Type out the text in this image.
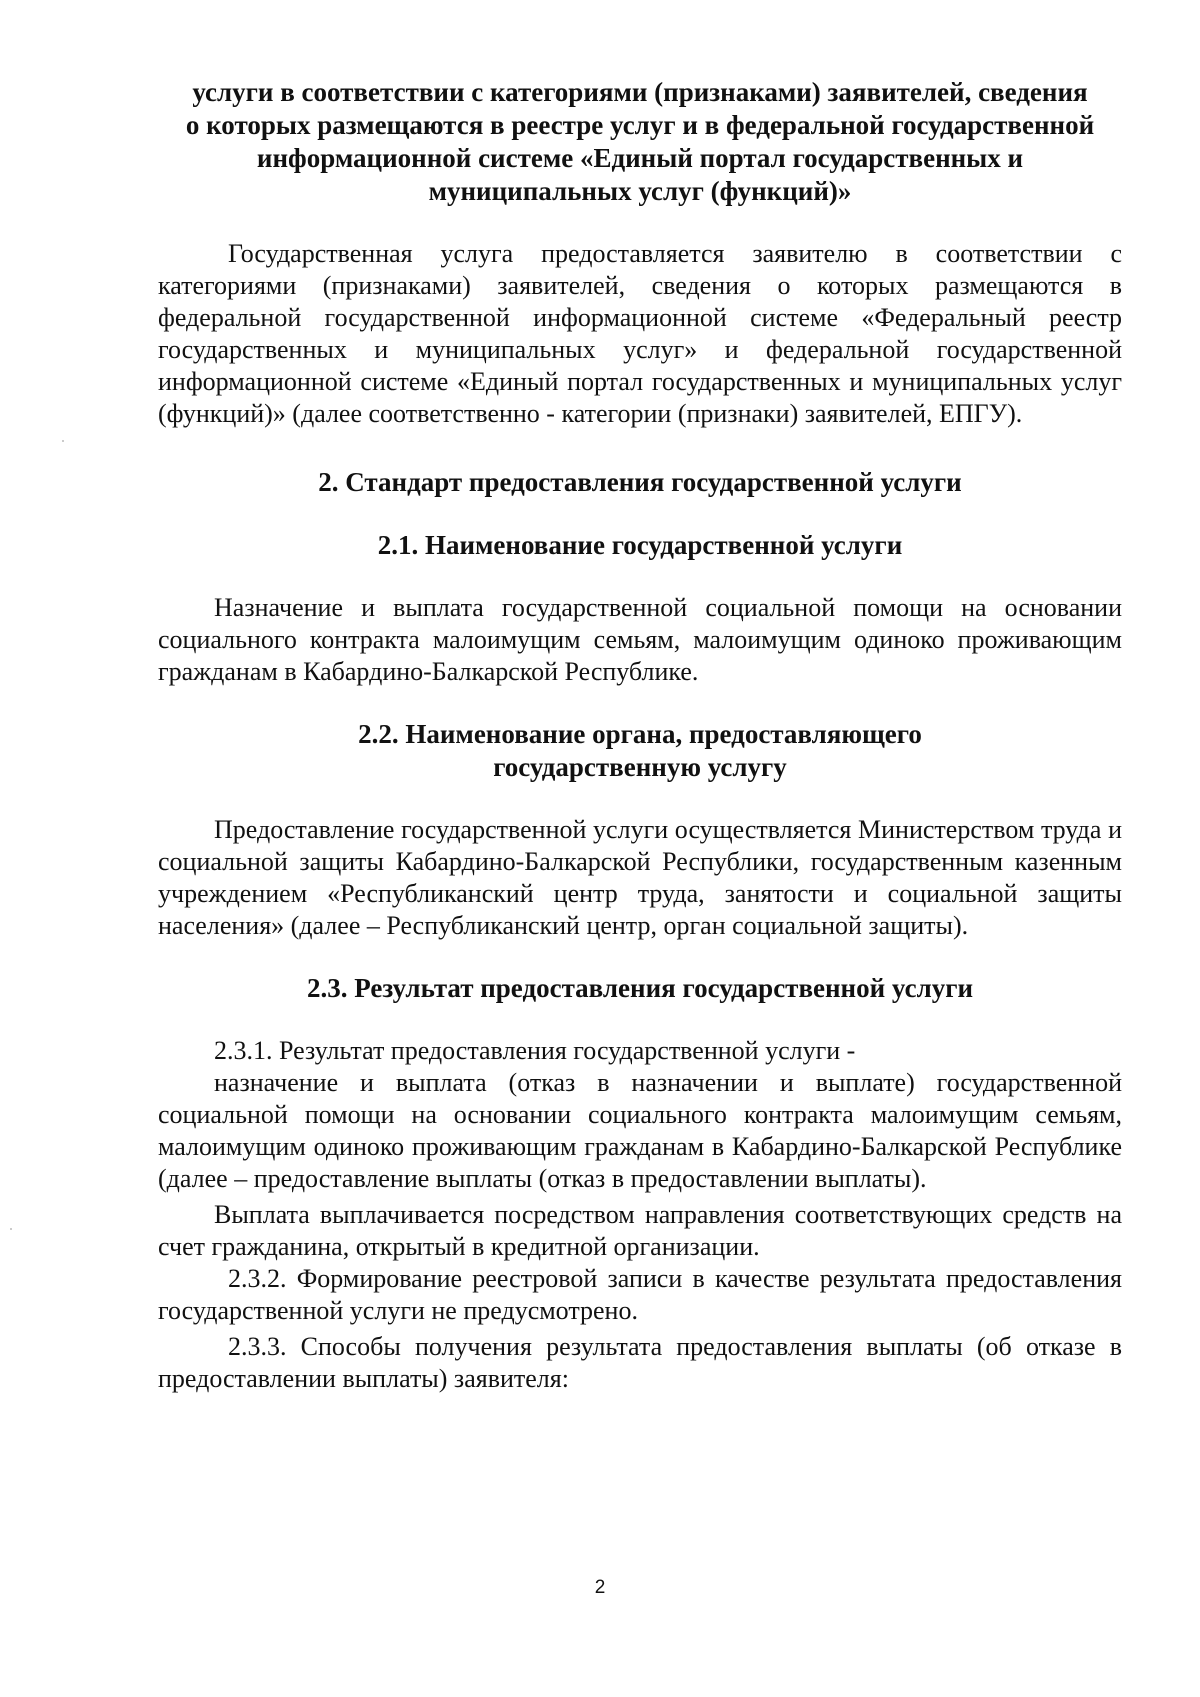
услуги в соответствии с категориями (признаками) заявителей, сведения
о которых размещаются в реестре услуг и в федеральной государственной
информационной системе «Единый портал государственных и
муниципальных услуг (функций)»

Государственная услуга предоставляется заявителю в соответствии с категориями (признаками) заявителей, сведения о которых размещаются в федеральной государственной информационной системе «Федеральный реестр государственных и муниципальных услуг» и федеральной государственной информационной системе «Единый портал государственных и муниципальных услуг (функций)» (далее соответственно - категории (признаки) заявителей, ЕПГУ).

2. Стандарт предоставления государственной услуги
2.1. Наименование государственной услуги

Назначение и выплата государственной социальной помощи на основании социального контракта малоимущим семьям, малоимущим одиноко проживающим гражданам в Кабардино-Балкарской Республике.

2.2. Наименование органа, предоставляющего
государственную услугу

Предоставление государственной услуги осуществляется Министерством труда и социальной защиты Кабардино-Балкарской Республики, государственным казенным учреждением «Республиканский центр труда, занятости и социальной защиты населения» (далее – Республиканский центр, орган социальной защиты).

2.3. Результат предоставления государственной услуги

2.3.1. Результат предоставления государственной услуги -

назначение и выплата (отказ в назначении и выплате) государственной социальной помощи на основании социального контракта малоимущим семьям, малоимущим одиноко проживающим гражданам в Кабардино-Балкарской Республике (далее – предоставление выплаты (отказ в предоставлении выплаты).

Выплата выплачивается посредством направления соответствующих средств на счет гражданина, открытый в кредитной организации.

2.3.2. Формирование реестровой записи в качестве результата предоставления государственной услуги не предусмотрено.

2.3.3. Способы получения результата предоставления выплаты (об отказе в предоставлении выплаты) заявителя:

2
